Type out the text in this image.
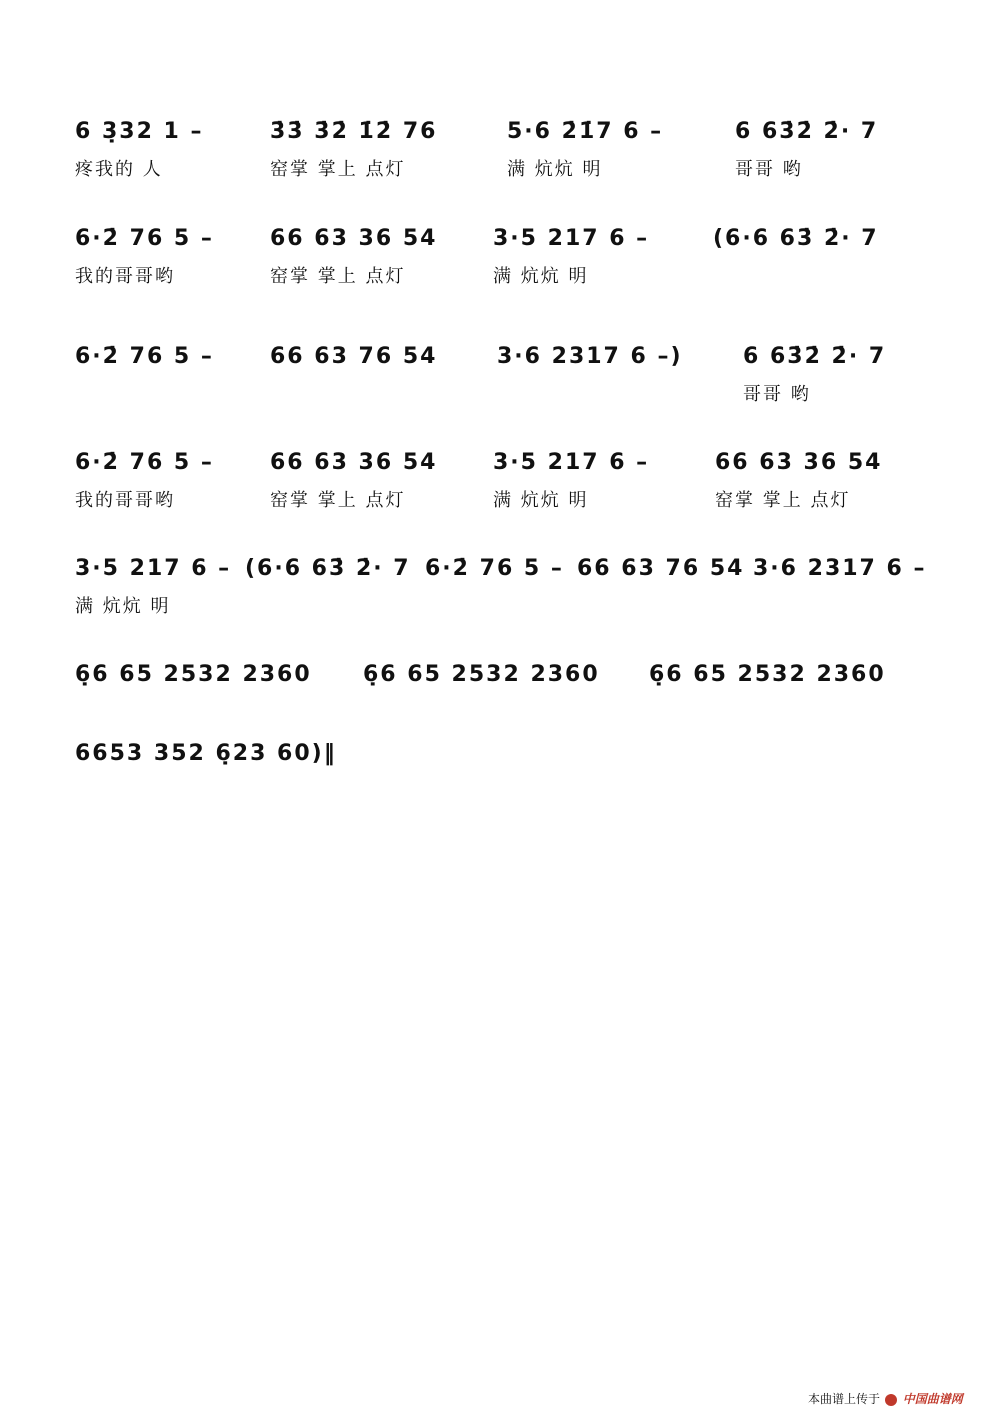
6 3̣32 1 –	3̇3̇ 3̇2̇ 1̇2̇ 76	5·6 2̇1̇7 6 –	6 63̇2̇ 2̇· 7
疼我的 人	窑掌 掌上 点灯	满 炕炕 明	哥哥 哟
6·2̇ 76 5 –	66 63 36 54	3·5 217 6 –	(6·6 63̇ 2̇· 7
我的哥哥哟	窑掌 掌上 点灯	满 炕炕 明
6·2̇ 76 5 –	66 63 76 54	3·6 2317 6 –)	6 63̇2̇ 2̇· 7
哥哥 哟
6·2̇ 76 5 –	66 63 36 54	3·5 217 6 –	66 63 36 54
我的哥哥哟	窑掌 掌上 点灯	满 炕炕 明	窑掌 掌上 点灯
3·5 217 6 – (6·6 63̇ 2̇· 7 6·2̇ 76 5 – 66 63 76 54 3·6 2317 6 –
满 炕炕 明
6̣6 65 2532 2360 6̣6 65 2532 2360 6̣6 65 2532 2360
6653 352 6̣23 60)‖
本曲谱上传于 中国曲谱网
